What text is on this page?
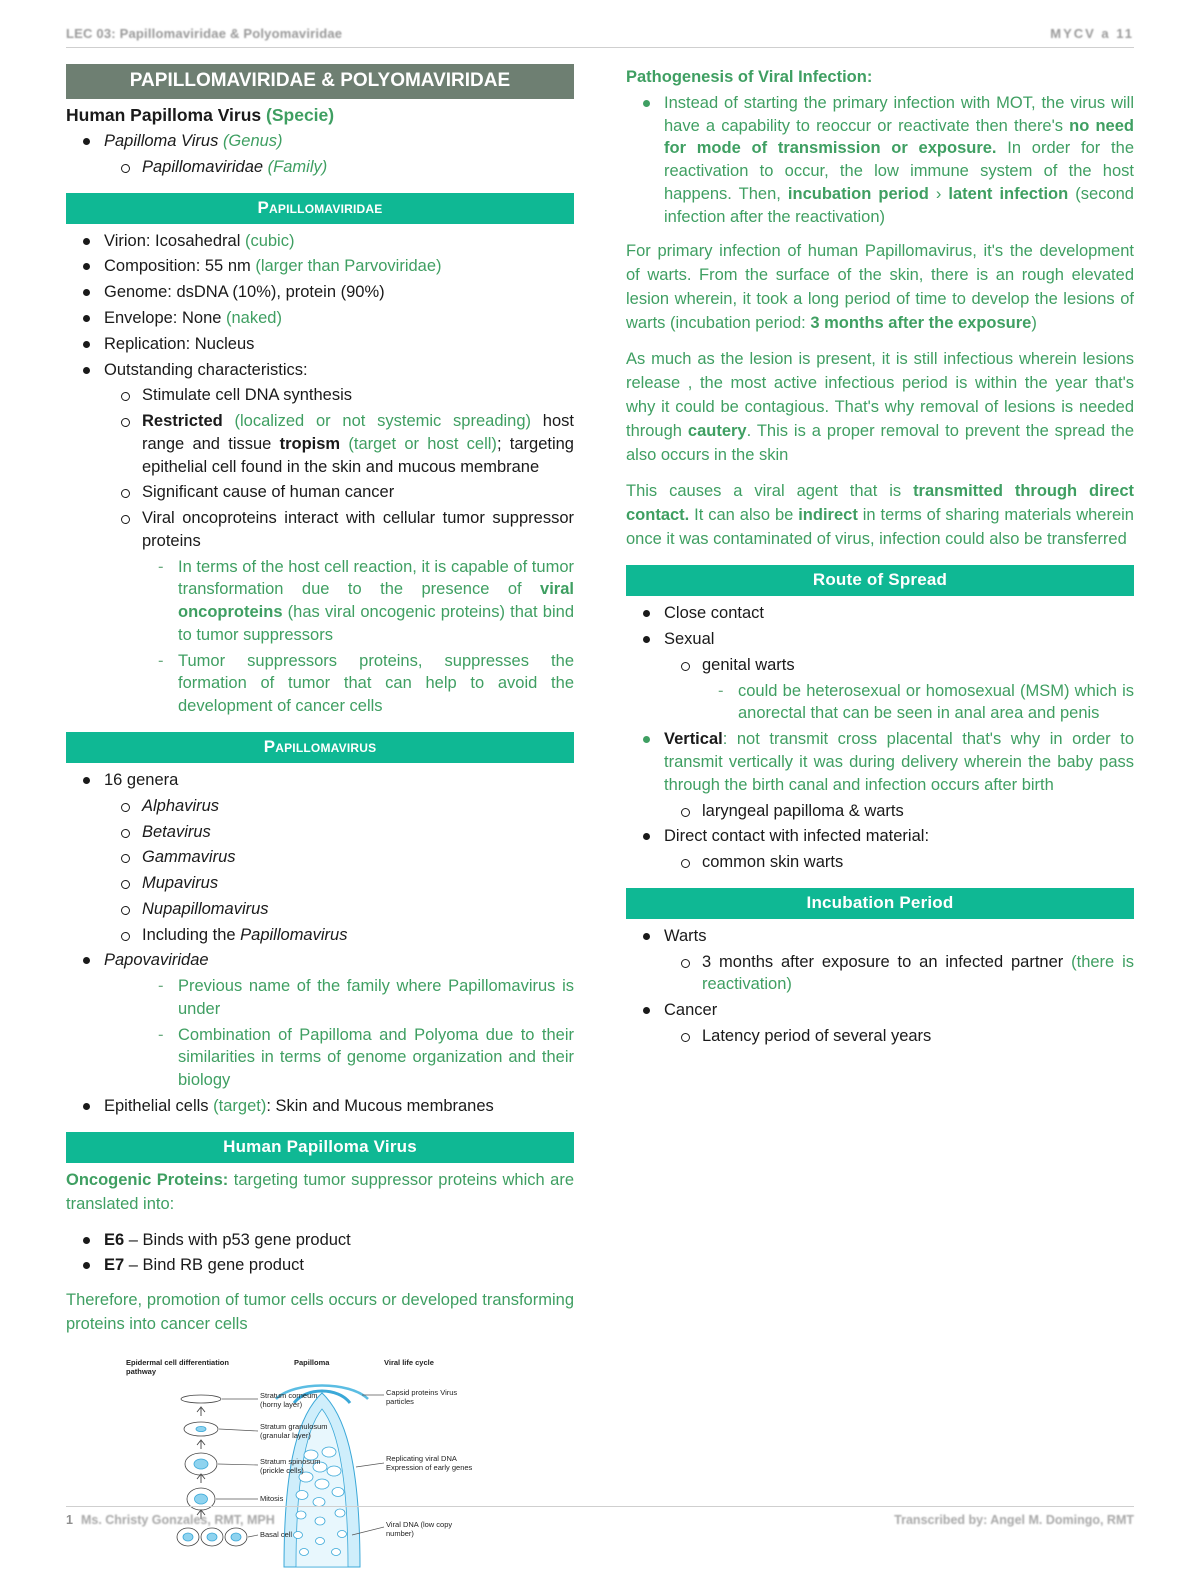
LEC 03: Papillomaviridae & Polyomaviridae	MYCV a 11
PAPILLOMAVIRIDAE & POLYOMAVIRIDAE
Human Papilloma Virus (Specie)
Papilloma Virus (Genus)
Papillomaviridae (Family)
Papillomaviridae
Virion: Icosahedral (cubic)
Composition: 55 nm (larger than Parvoviridae)
Genome: dsDNA (10%), protein (90%)
Envelope: None (naked)
Replication: Nucleus
Outstanding characteristics:
Stimulate cell DNA synthesis
Restricted (localized or not systemic spreading) host range and tissue tropism (target or host cell); targeting epithelial cell found in the skin and mucous membrane
Significant cause of human cancer
Viral oncoproteins interact with cellular tumor suppressor proteins
- In terms of the host cell reaction, it is capable of tumor transformation due to the presence of viral oncoproteins (has viral oncogenic proteins) that bind to tumor suppressors
- Tumor suppressors proteins, suppresses the formation of tumor that can help to avoid the development of cancer cells
Papillomavirus
16 genera
Alphavirus
Betavirus
Gammavirus
Mupavirus
Nupapillomavirus
Including the Papillomavirus
Papovaviridae
- Previous name of the family where Papillomavirus is under
- Combination of Papilloma and Polyoma due to their similarities in terms of genome organization and their biology
Epithelial cells (target): Skin and Mucous membranes
Human Papilloma Virus
Oncogenic Proteins: targeting tumor suppressor proteins which are translated into:
E6 – Binds with p53 gene product
E7 – Bind RB gene product
Therefore, promotion of tumor cells occurs or developed transforming proteins into cancer cells
Epidermal cell differentiation pathway
Papilloma	Viral life cycle
Stratum corneum (horny layer)
Stratum granulosum (granular layer)
Stratum spinosum (prickle cells)
Mitosis
Basal cell
Capsid proteins Virus particles
Replicating viral DNA Expression of early genes
Viral DNA (low copy number)
Pathogenesis of Viral Infection:
Instead of starting the primary infection with MOT, the virus will have a capability to reoccur or reactivate then there's no need for mode of transmission or exposure. In order for the reactivation to occur, the low immune system of the host happens. Then, incubation period › latent infection (second infection after the reactivation)
For primary infection of human Papillomavirus, it's the development of warts. From the surface of the skin, there is an rough elevated lesion wherein, it took a long period of time to develop the lesions of warts (incubation period: 3 months after the exposure)
As much as the lesion is present, it is still infectious wherein lesions release , the most active infectious period is within the year that's why it could be contagious. That's why removal of lesions is needed through cautery. This is a proper removal to prevent the spread the also occurs in the skin
This causes a viral agent that is transmitted through direct contact. It can also be indirect in terms of sharing materials wherein once it was contaminated of virus, infection could also be transferred
Route of Spread
Close contact
Sexual
genital warts
- could be heterosexual or homosexual (MSM) which is anorectal that can be seen in anal area and penis
Vertical: not transmit cross placental that's why in order to transmit vertically it was during delivery wherein the baby pass through the birth canal and infection occurs after birth
laryngeal papilloma & warts
Direct contact with infected material:
common skin warts
Incubation Period
Warts
3 months after exposure to an infected partner (there is reactivation)
Cancer
Latency period of several years
1 Ms. Christy Gonzales, RMT, MPH	Transcribed by: Angel M. Domingo, RMT
